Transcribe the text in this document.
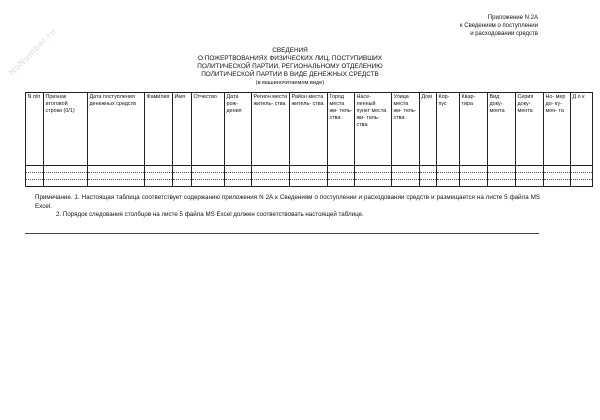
NoNumber.ru
Приложение N 2А
к Сведениям о поступлении
и расходовании средств
СВЕДЕНИЯ
О ПОЖЕРТВОВАНИЯХ ФИЗИЧЕСКИХ ЛИЦ, ПОСТУПИВШИХ
ПОЛИТИЧЕСКОЙ ПАРТИИ, РЕГИОНАЛЬНОМУ ОТДЕЛЕНИЮ
ПОЛИТИЧЕСКОЙ ПАРТИИ В ВИДЕ ДЕНЕЖНЫХ СРЕДСТВ
(в машиночитаемом виде)
N п/п	Признак итоговой строки (0/1)	Дата поступления денежных средств	Фамилия	Имя	Отчество	Дата рож- дения	Регион места житель- ства	Район места житель- ства	Город места жи- тель- ства	Насе- ленный пункт места жи- тель- ства	Улица места жи- тель- ства	Дом	Кор- пус	Квар- тира	Вид доку- мента	Серия доку- мента	Но- мер до- ку- мен- та	Д о к

Примечание. 1. Настоящая таблица соответствует содержанию приложения N 2А к Сведениям о поступлении и расходовании средств и размещается на листе 5 файла MS Excel.

2. Порядок следования столбцов на листе 5 файла MS Excel должен соответствовать настоящей таблице.
